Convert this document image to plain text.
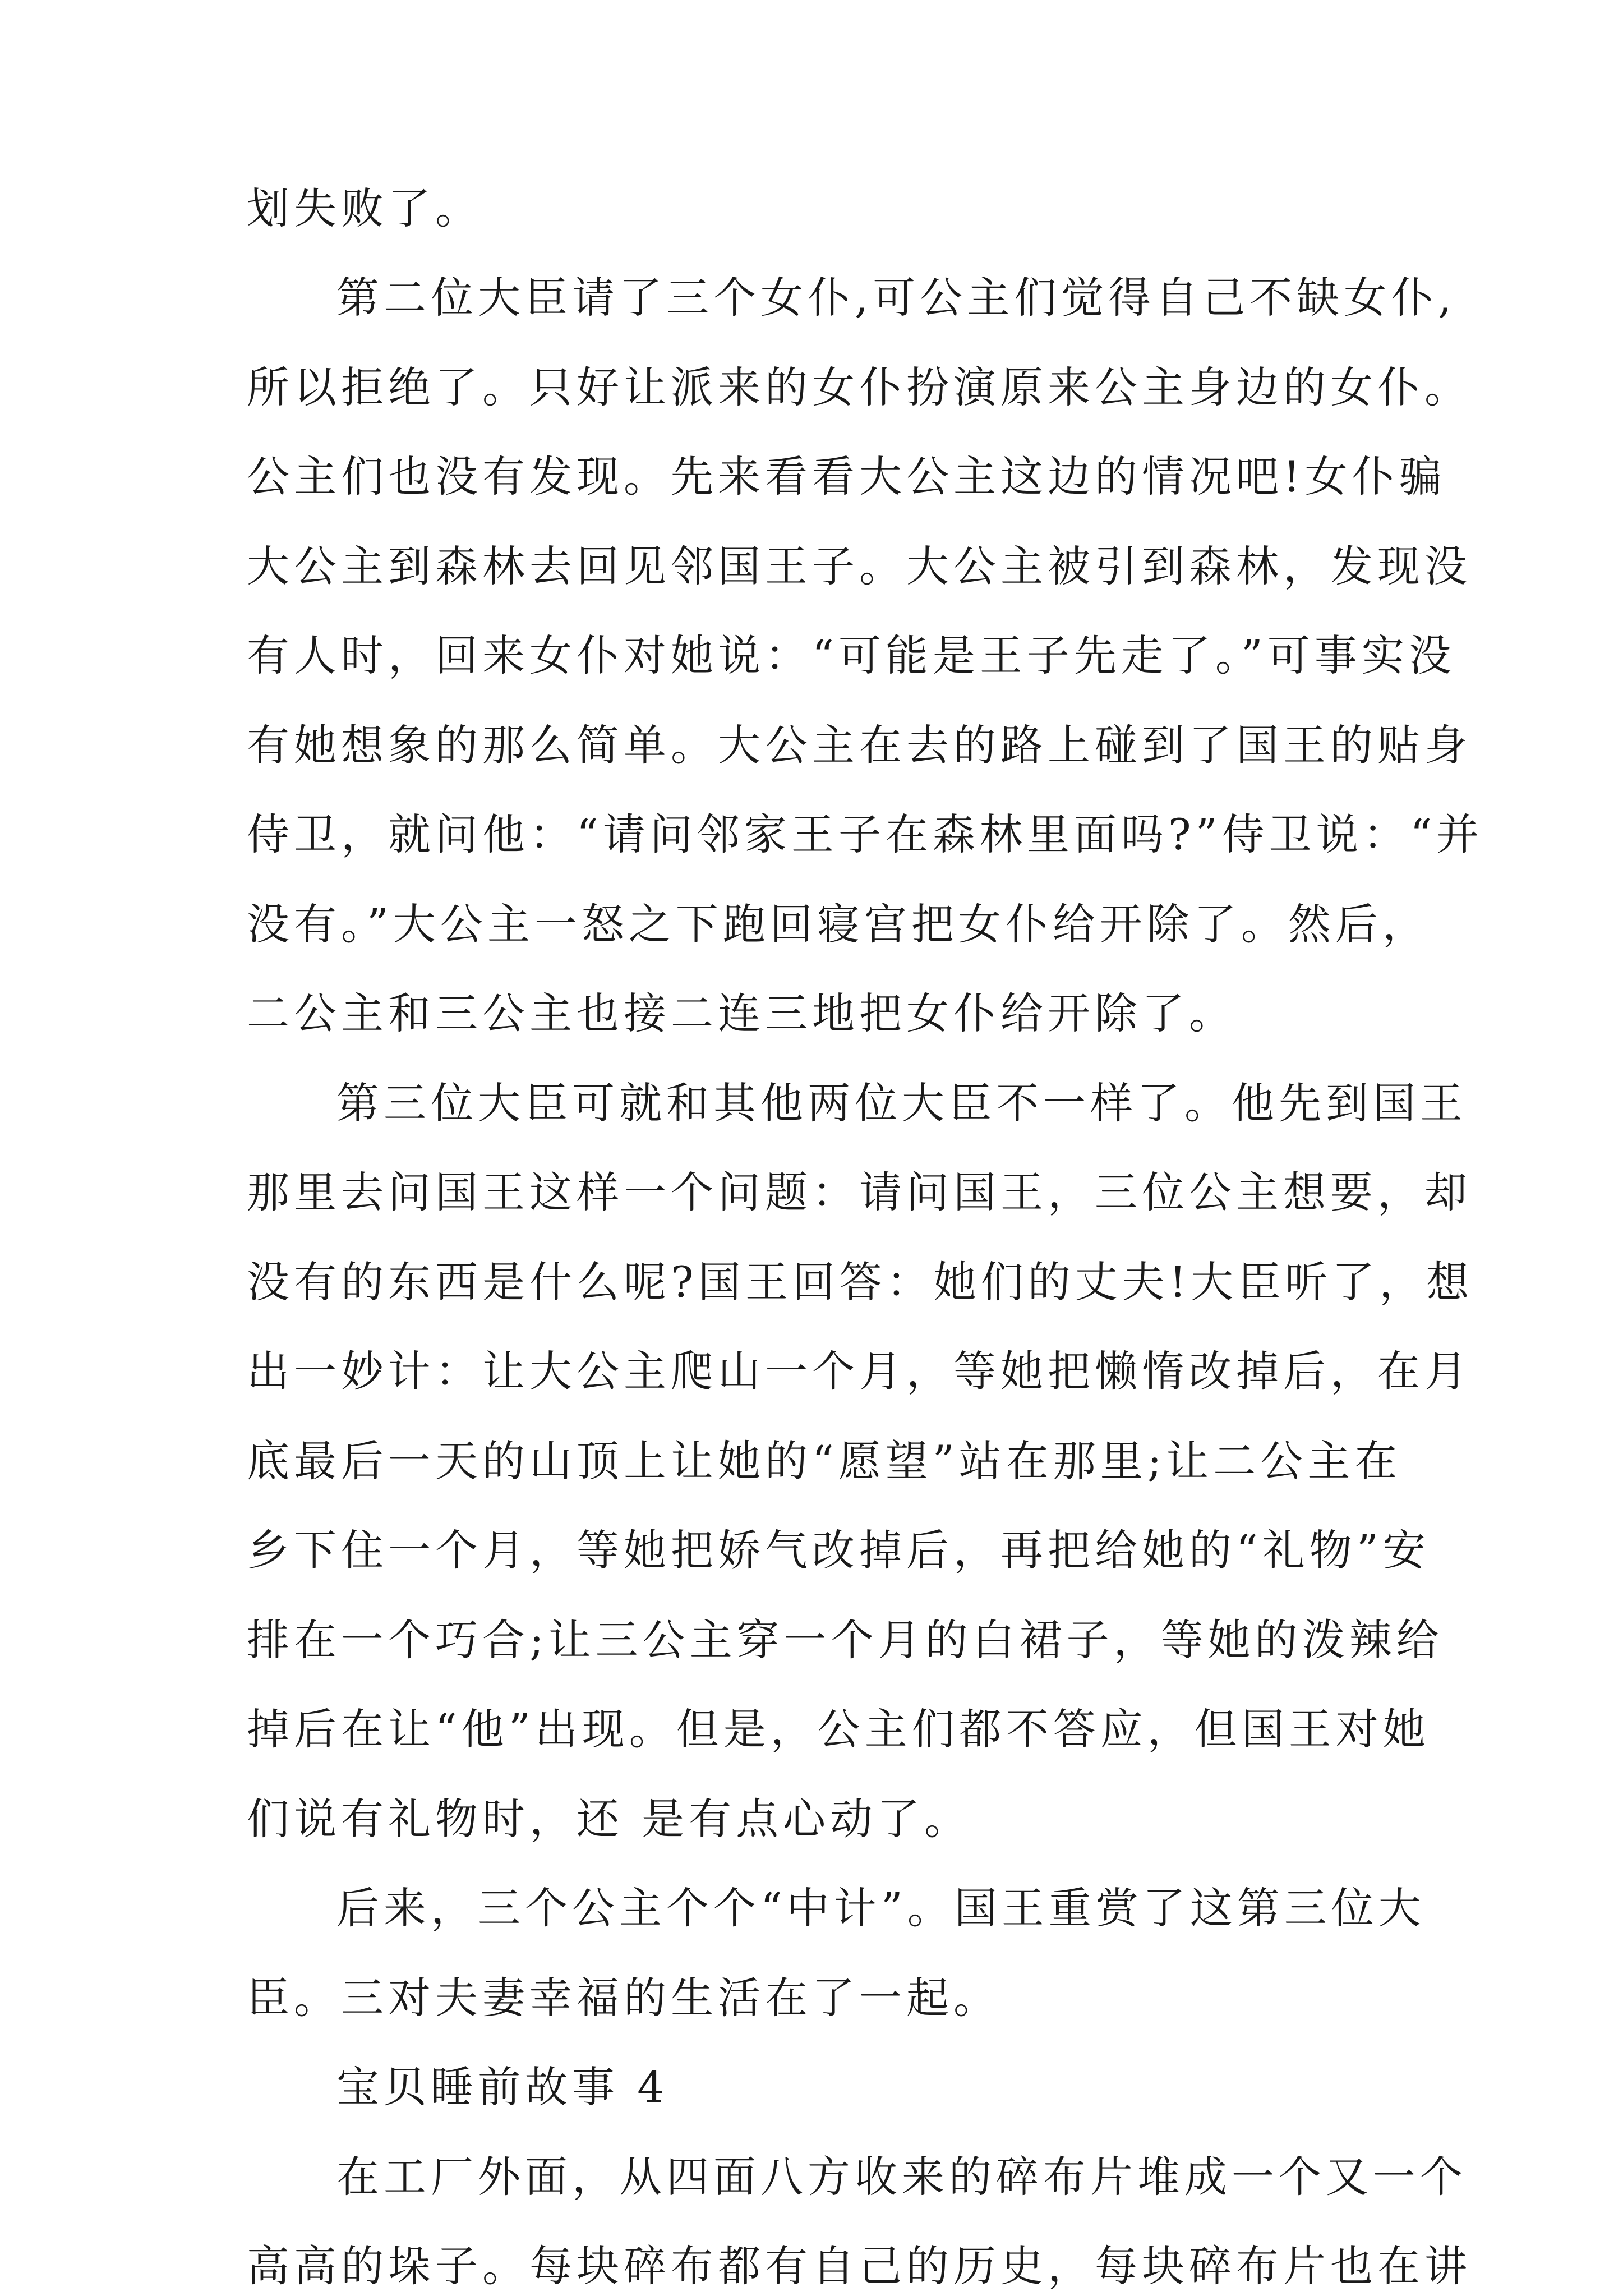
划失败了。
第二位大臣请了三个女仆,可公主们觉得自己不缺女仆,
所以拒绝了。只好让派来的女仆扮演原来公主身边的女仆。
公主们也没有发现。先来看看大公主这边的情况吧!女仆骗
大公主到森林去回见邻国王子。大公主被引到森林，发现没
有人时，回来女仆对她说：“可能是王子先走了。”可事实没
有她想象的那么简单。大公主在去的路上碰到了国王的贴身
侍卫，就问他：“请问邻家王子在森林里面吗?”侍卫说：“并
没有。”大公主一怒之下跑回寝宫把女仆给开除了。然后，
二公主和三公主也接二连三地把女仆给开除了。
第三位大臣可就和其他两位大臣不一样了。他先到国王
那里去问国王这样一个问题：请问国王，三位公主想要，却
没有的东西是什么呢?国王回答：她们的丈夫!大臣听了，想
出一妙计：让大公主爬山一个月，等她把懒惰改掉后，在月
底最后一天的山顶上让她的“愿望”站在那里;让二公主在
乡下住一个月，等她把娇气改掉后，再把给她的“礼物”安
排在一个巧合;让三公主穿一个月的白裙子，等她的泼辣给
掉后在让“他”出现。但是，公主们都不答应，但国王对她
们说有礼物时，还 是有点心动了。
后来，三个公主个个“中计”。国王重赏了这第三位大
臣。三对夫妻幸福的生活在了一起。
宝贝睡前故事 4
在工厂外面，从四面八方收来的碎布片堆成一个又一个
高高的垛子。每块碎布都有自己的历史，每块碎布片也在讲
